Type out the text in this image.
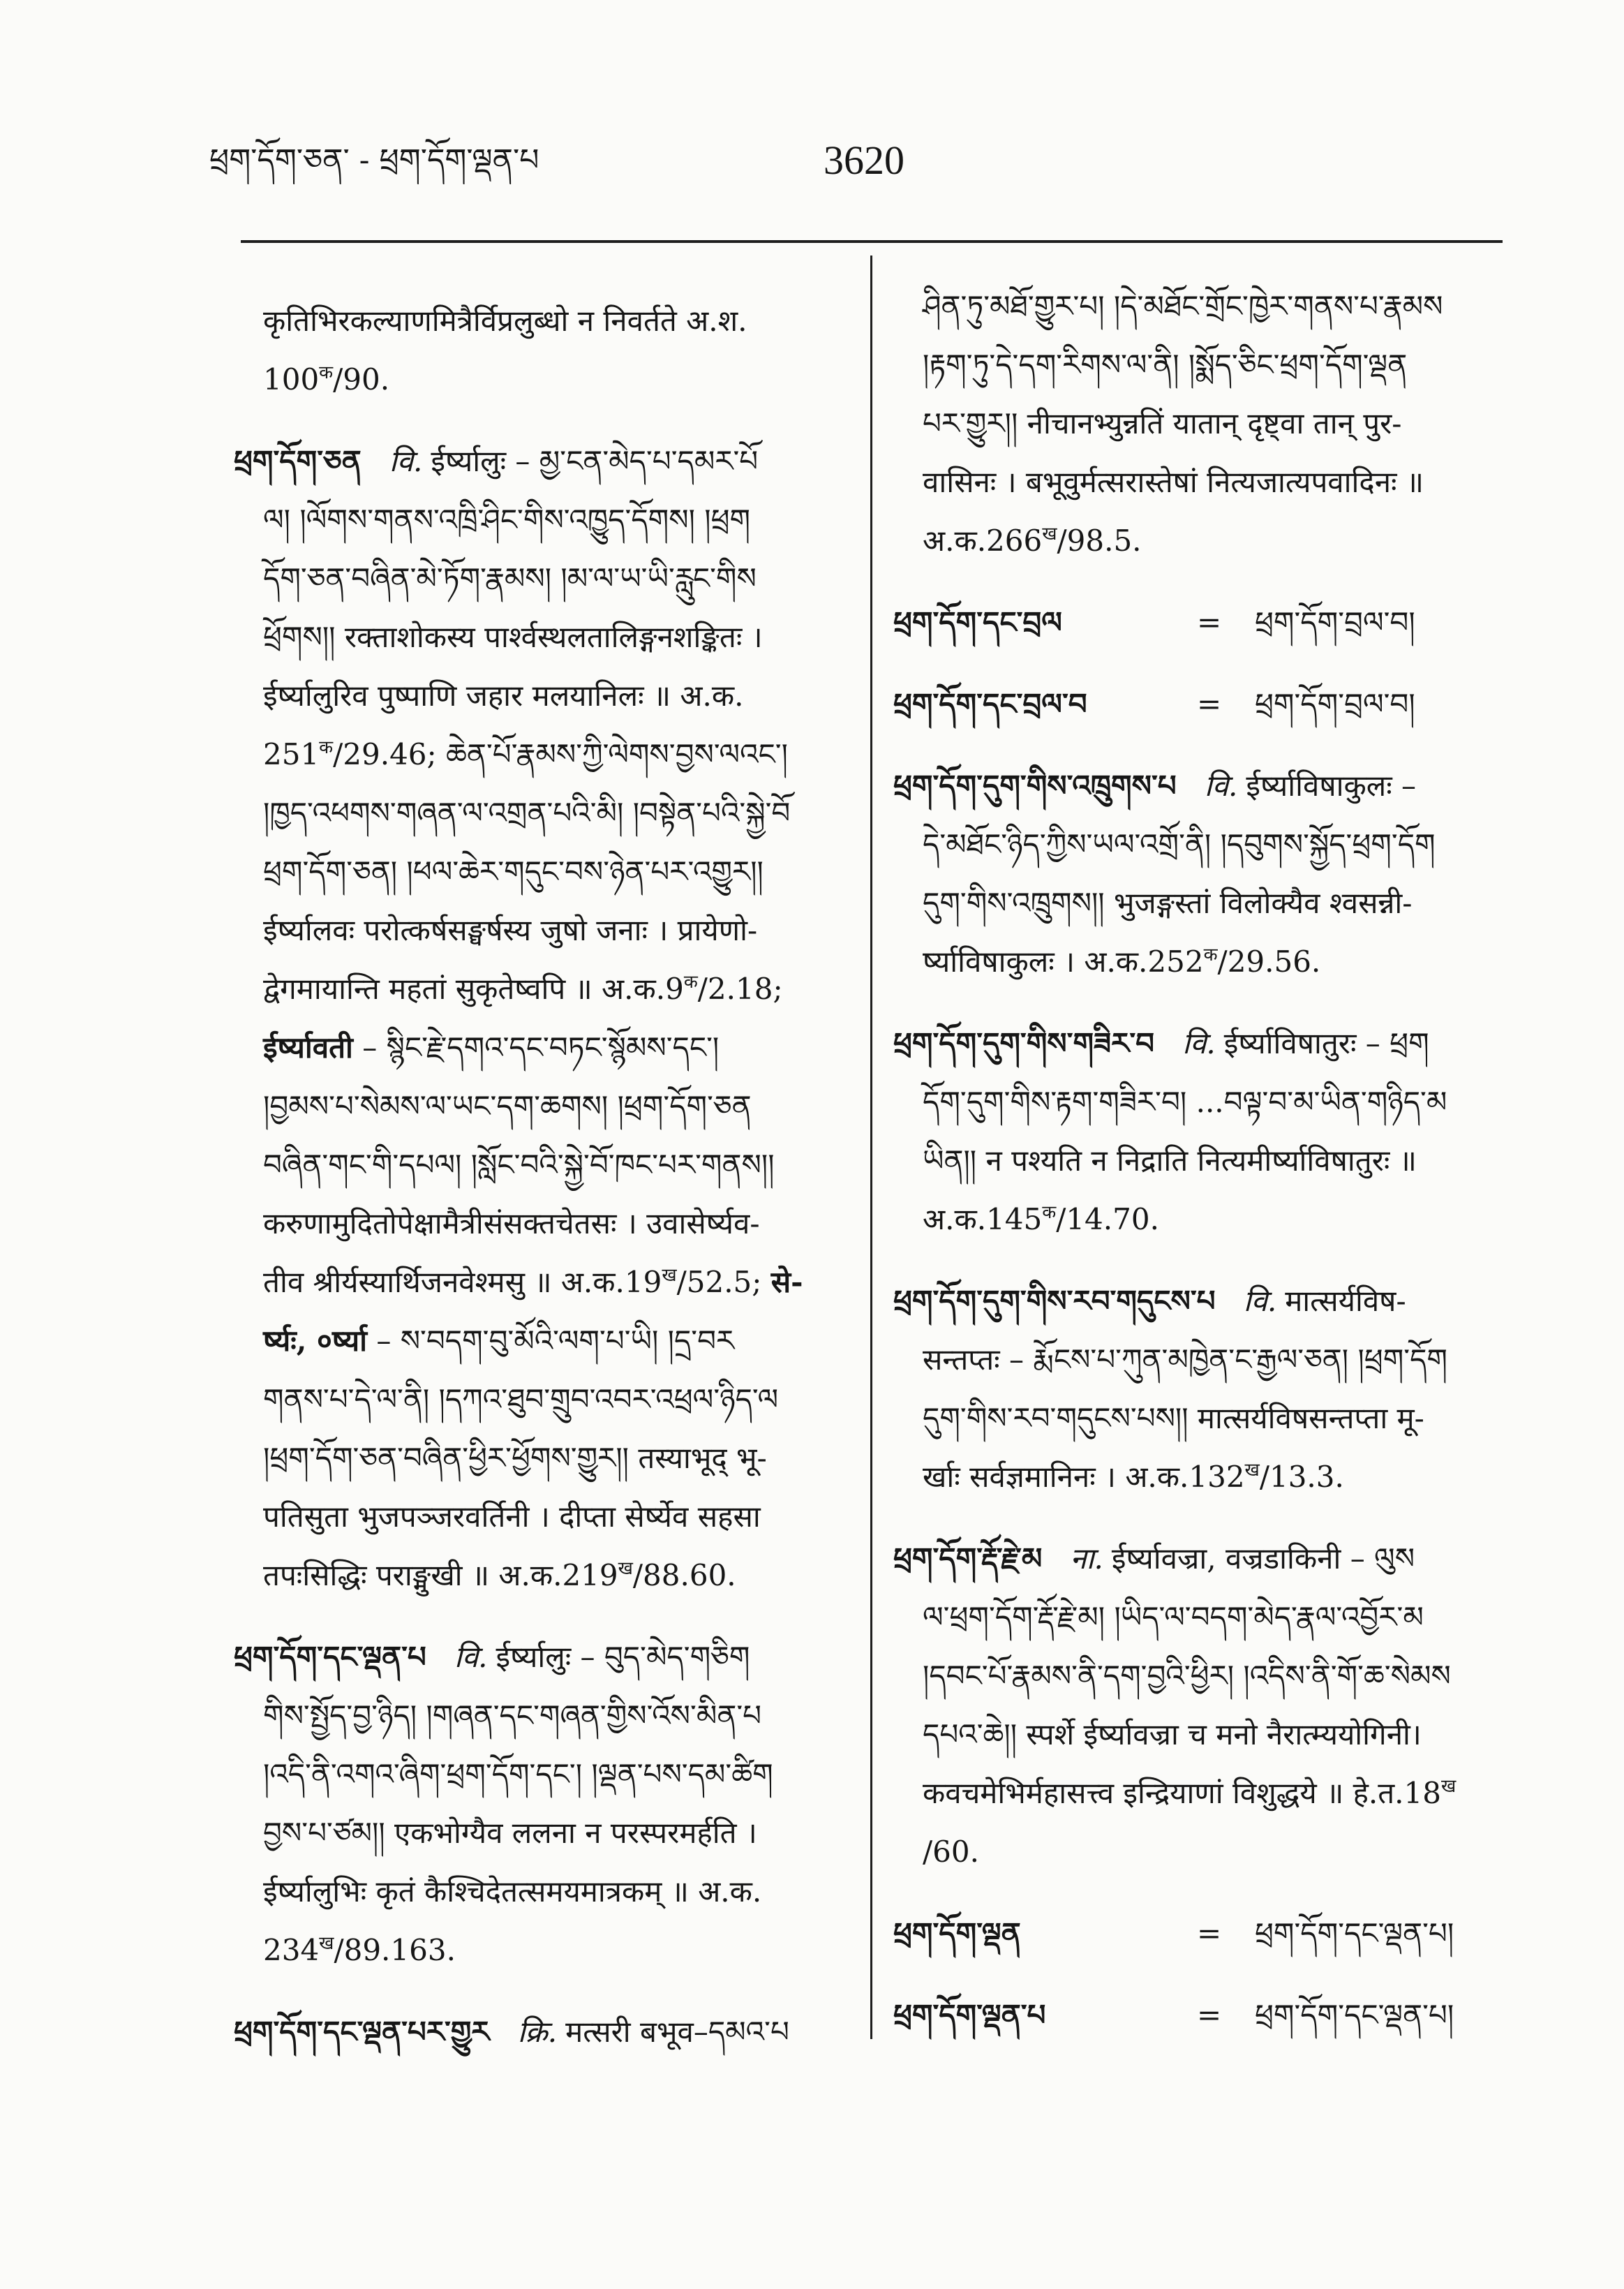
ཕྲག་དོག་ཅན་ - ཕྲག་དོག་ལྡན་པ	3620
कृतिभिरकल्याणमित्रैर्विप्रलुब्धो न निवर्तते अ.श.
$100^क/90$.
ཕྲག་དོག་ཅན वि. ईर्ष्यालुः – མྱ་ངན་མེད་པ་དམར་པོ
ལ། །ལོགས་གནས་འཁྲི་ཤིང་གིས་འཁྱུད་དོགས། །ཕྲག
དོག་ཅན་བཞིན་མེ་ཏོག་རྣམས། །མ་ལ་ཡ་ཡི་རླུང་གིས
ཕྲོགས།། रक्ताशोकस्य पार्श्वस्थलतालिङ्गनशङ्कितः ।
ईर्ष्यालुरिव पुष्पाणि जहार मलयानिलः ॥ अ.क.
$251^क/29.46$; ཆེན་པོ་རྣམས་ཀྱི་ལེགས་བྱས་ལའང་།
།ཁྱད་འཕགས་གཞན་ལ་འགྲན་པའི་མི། །བསྟེན་པའི་སྐྱེ་བོ
ཕྲག་དོག་ཅན། །ཕལ་ཆེར་གདུང་བས་ཉེན་པར་འགྱུར།།
ईर्ष्यालवः परोत्कर्षसङ्घर्षस्य जुषो जनाः । प्रायेणो-
द्वेगमायान्ति महतां सुकृतेष्वपि ॥ $अ.क.9^क/2.18$;
ईर्ष्यावती – སྙིང་རྗེ་དགའ་དང་བཏང་སྙོམས་དང་།
།བྱམས་པ་སེམས་ལ་ཡང་དག་ཆགས། །ཕྲག་དོག་ཅན
བཞིན་གང་གི་དཔལ། །སློང་བའི་སྐྱེ་བོ་ཁང་པར་གནས།།
करुणामुदितोपेक्षामैत्रीसंसक्तचेतसः । उवासेर्ष्यव-
तीव श्रीर्यस्यार्थिजनवेश्मसु ॥ $अ.क.19^ख/52.5$; से-
र्ष्यः, ०र्ष्या – ས་བདག་བུ་མོའི་ལག་པ་ཡི། །དྲ་བར
གནས་པ་དེ་ལ་ནི། །དཀའ་ཐུབ་གྲུབ་འབར་འཕྲལ་ཉིད་ལ
།ཕྲག་དོག་ཅན་བཞིན་ཕྱིར་ཕྱོགས་གྱུར།། तस्याभूद् भू-
पतिसुता भुजपञ्जरवर्तिनी । दीप्ता सेर्ष्येव सहसा
तपःसिद्धिः पराङ्मुखी ॥ $अ.क.219^ख/88.60$.
ཕྲག་དོག་དང་ལྡན་པ वि. ईर्ष्यालुः – བུད་མེད་གཅིག
གིས་སྤྱོད་བྱ་ཉིད། །གཞན་དང་གཞན་གྱིས་འོས་མིན་པ
།འདི་ནི་འགའ་ཞིག་ཕྲག་དོག་དང་། །ལྡན་པས་དམ་ཚིག
བྱས་པ་ཙམ།། एकभोग्यैव ललना न परस्परमर्हति ।
ईर्ष्यालुभिः कृतं कैश्चिदेतत्समयमात्रकम् ॥ अ.क.
$234^ख/89.163$.
ཕྲག་དོག་དང་ལྡན་པར་གྱུར क्रि. मत्सरी बभूव–དམའ་པ
ཤིན་ཏུ་མཐོ་གྱུར་པ། །དེ་མཐོང་གྲོང་ཁྱེར་གནས་པ་རྣམས
།རྟག་ཏུ་དེ་དག་རིགས་ལ་ནི། །སྨོད་ཅིང་ཕྲག་དོག་ལྡན
པར་གྱུར།། नीचानभ्युन्नतिं यातान् दृष्ट्वा तान् पुर-
वासिनः । बभूवुर्मत्सरास्तेषां नित्यजात्यपवादिनः ॥
$अ.क.266^ख/98.5$.
ཕྲག་དོག་དང་བྲལ	= ཕྲག་དོག་བྲལ་བ།
ཕྲག་དོག་དང་བྲལ་བ	= ཕྲག་དོག་བྲལ་བ།
ཕྲག་དོག་དུག་གིས་འཁྲུགས་པ वि. ईर्ष्याविषाकुलः –
དེ་མཐོང་ཉིད་ཀྱིས་ཡལ་འགྲོ་ནི། །དབུགས་སྐྱོད་ཕྲག་དོག
དུག་གིས་འཁྲུགས།། भुजङ्गस्तां विलोक्यैव श्वसन्नी-
र्ष्याविषाकुलः । $अ.क.252^क/29.56$.
ཕྲག་དོག་དུག་གིས་གཟིར་བ वि. ईर्ष्याविषातुरः – ཕྲག
དོག་དུག་གིས་རྟག་གཟིར་བ། ...བལྟ་བ་མ་ཡིན་གཉིད་མ
ཡིན།། न पश्यति न निद्राति नित्यमीर्ष्याविषातुरः ॥
$अ.क.145^क/14.70$.
ཕྲག་དོག་དུག་གིས་རབ་གདུངས་པ वि. मात्सर्यविष-
सन्तप्तः – རྨོངས་པ་ཀུན་མཁྱེན་ང་རྒྱལ་ཅན། །ཕྲག་དོག
དུག་གིས་རབ་གདུངས་པས།། मात्सर्यविषसन्तप्ता मू-
र्खाः सर्वज्ञमानिनः । $अ.क.132^ख/13.3$.
ཕྲག་དོག་རྡོ་རྗེ་མ ना. ईर्ष्यावज्रा, वज्रडाकिनी – ལུས
ལ་ཕྲག་དོག་རྡོ་རྗེ་མ། །ཡིད་ལ་བདག་མེད་རྣལ་འབྱོར་མ
།དབང་པོ་རྣམས་ནི་དག་བྱའི་ཕྱིར། །འདིས་ནི་གོ་ཆ་སེམས
དཔའ་ཆེ།། स्पर्शे ईर्ष्यावज्रा च मनो नैरात्म्ययोगिनी।
कवचमेभिर्महासत्त्व इन्द्रियाणां विशुद्धये ॥ $हे.त.18^ख$
/60.
ཕྲག་དོག་ལྡན	= ཕྲག་དོག་དང་ལྡན་པ།
ཕྲག་དོག་ལྡན་པ	= ཕྲག་དོག་དང་ལྡན་པ།
